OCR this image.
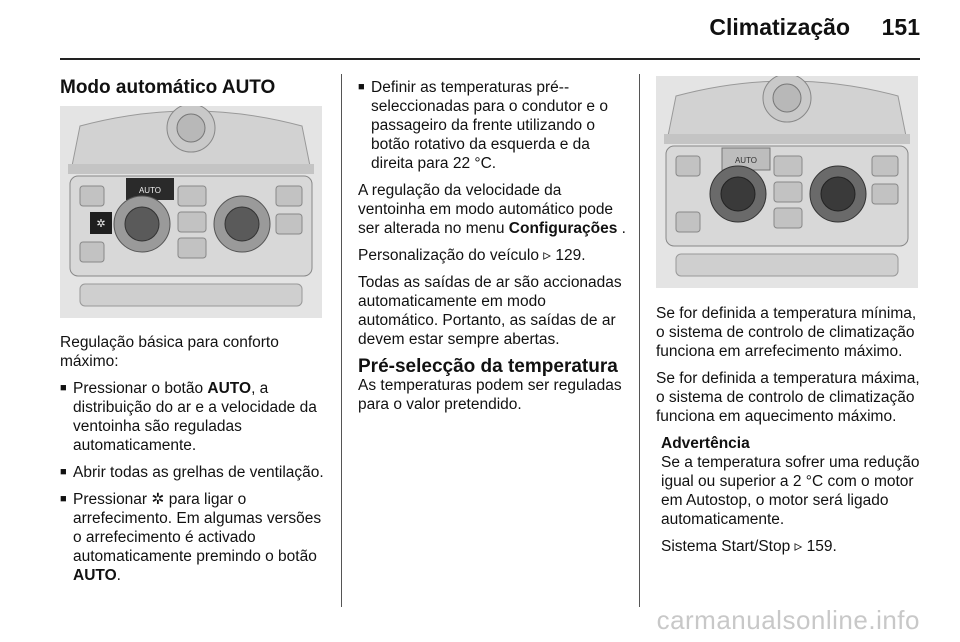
Climatização 151
Modo automático AUTO
AUTO
✲

Regulação básica para conforto máximo:

■ Pressionar o botão AUTO, a distribuição do ar e a velocidade da ventoinha são reguladas automaticamente.
■ Abrir todas as grelhas de ventilação.
■ Pressionar ✲ para ligar o arrefecimento. Em algumas versões o arrefecimento é activado automaticamente premindo o botão AUTO.
■ Definir as temperaturas pré--seleccionadas para o condutor e o passageiro da frente utilizando o botão rotativo da esquerda e da direita para 22 °C.

A regulação da velocidade da ventoinha em modo automático pode ser alterada no menu Configurações .

Personalização do veículo ▹ 129.

Todas as saídas de ar são accionadas automaticamente em modo automático. Portanto, as saídas de ar devem estar sempre abertas.

Pré-selecção da temperatura

As temperaturas podem ser reguladas para o valor pretendido.

AUTO

Se for definida a temperatura mínima, o sistema de controlo de climatização funciona em arrefecimento máximo.

Se for definida a temperatura máxima, o sistema de controlo de climatização funciona em aquecimento máximo.

Advertência

Se a temperatura sofrer uma redução igual ou superior a 2 °C com o motor em Autostop, o motor será ligado automaticamente.

Sistema Start/Stop ▹ 159.

carmanualsonline.info
